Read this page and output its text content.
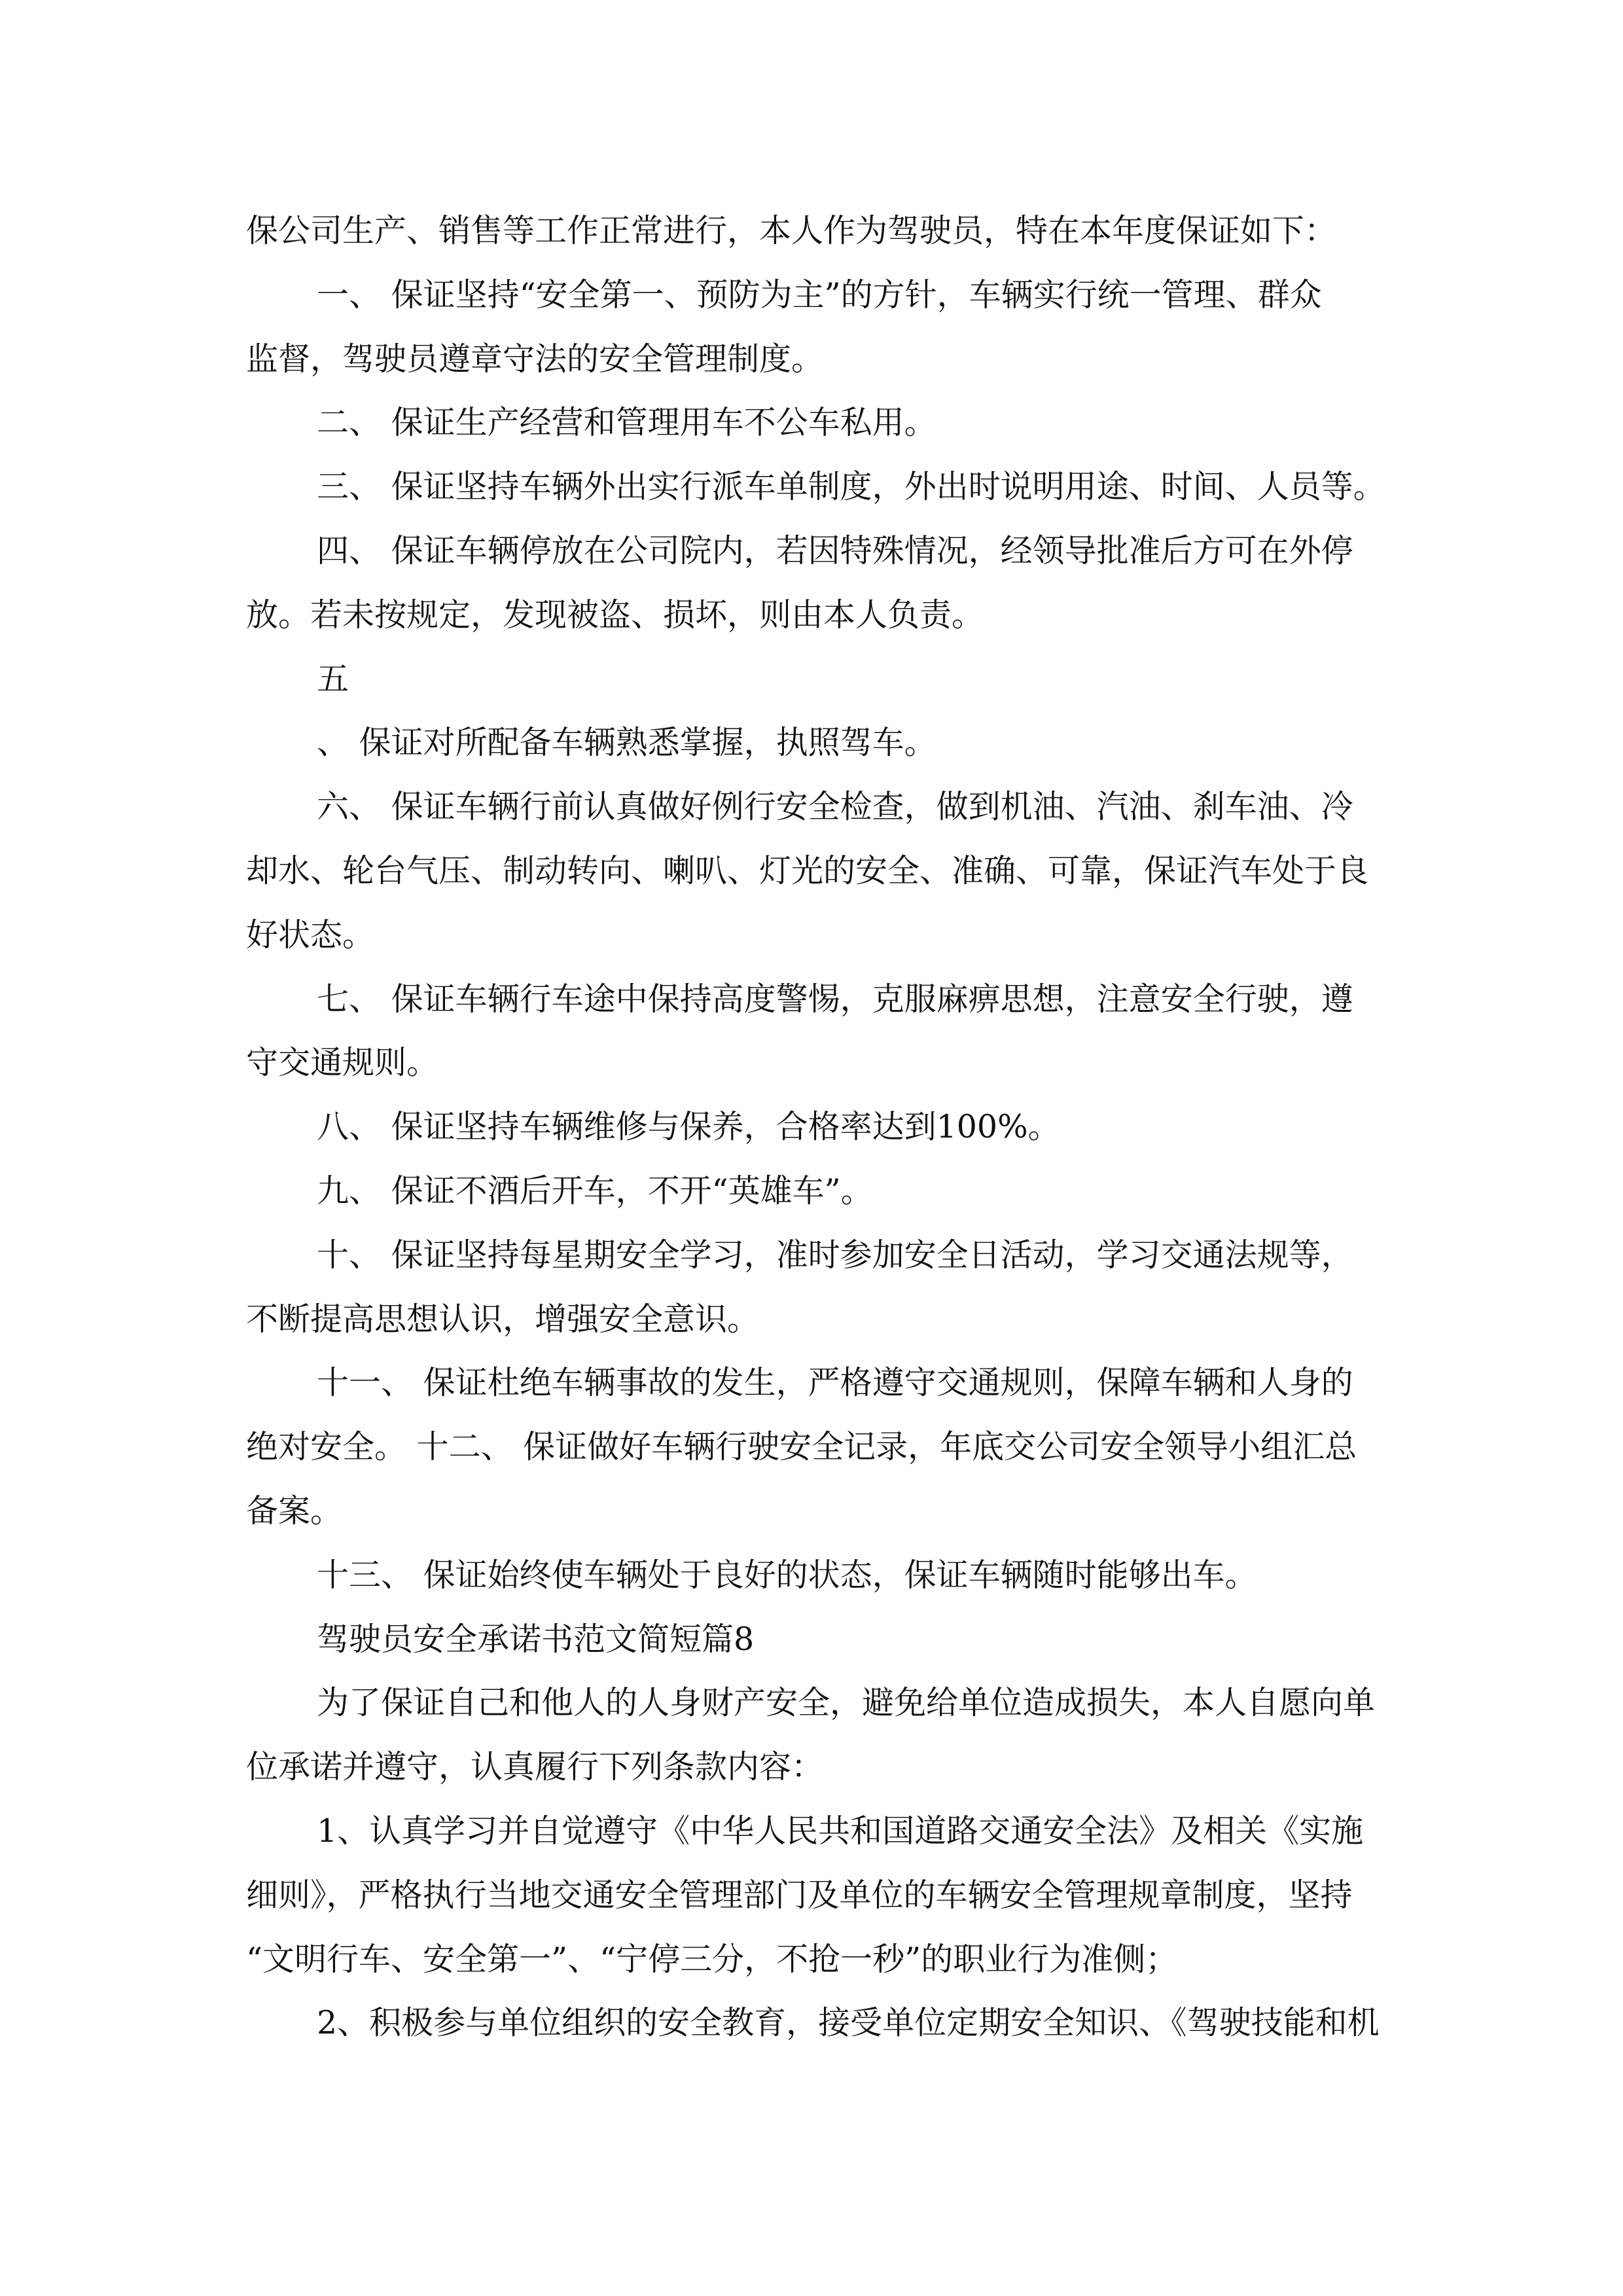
保公司生产、销售等工作正常进行，本人作为驾驶员，特在本年度保证如下：
一、 保证坚持“安全第一、预防为主”的方针，车辆实行统一管理、群众
监督，驾驶员遵章守法的安全管理制度。
二、 保证生产经营和管理用车不公车私用。
三、 保证坚持车辆外出实行派车单制度，外出时说明用途、时间、人员等。
四、 保证车辆停放在公司院内，若因特殊情况，经领导批准后方可在外停
放。若未按规定，发现被盗、损坏，则由本人负责。
五
、 保证对所配备车辆熟悉掌握，执照驾车。
六、 保证车辆行前认真做好例行安全检查，做到机油、汽油、刹车油、冷
却水、轮台气压、制动转向、喇叭、灯光的安全、准确、可靠，保证汽车处于良
好状态。
七、 保证车辆行车途中保持高度警惕，克服麻痹思想，注意安全行驶，遵
守交通规则。
八、 保证坚持车辆维修与保养，合格率达到100%。
九、 保证不酒后开车，不开“英雄车”。
十、 保证坚持每星期安全学习，准时参加安全日活动，学习交通法规等，
不断提高思想认识，增强安全意识。
十一、 保证杜绝车辆事故的发生，严格遵守交通规则，保障车辆和人身的
绝对安全。 十二、 保证做好车辆行驶安全记录，年底交公司安全领导小组汇总
备案。
十三、 保证始终使车辆处于良好的状态，保证车辆随时能够出车。
驾驶员安全承诺书范文简短篇8
为了保证自己和他人的人身财产安全，避免给单位造成损失，本人自愿向单
位承诺并遵守，认真履行下列条款内容：
1、认真学习并自觉遵守《中华人民共和国道路交通安全法》及相关《实施
细则》，严格执行当地交通安全管理部门及单位的车辆安全管理规章制度，坚持
“文明行车、安全第一”、“宁停三分，不抢一秒”的职业行为准侧；
2、积极参与单位组织的安全教育，接受单位定期安全知识、《驾驶技能和机
